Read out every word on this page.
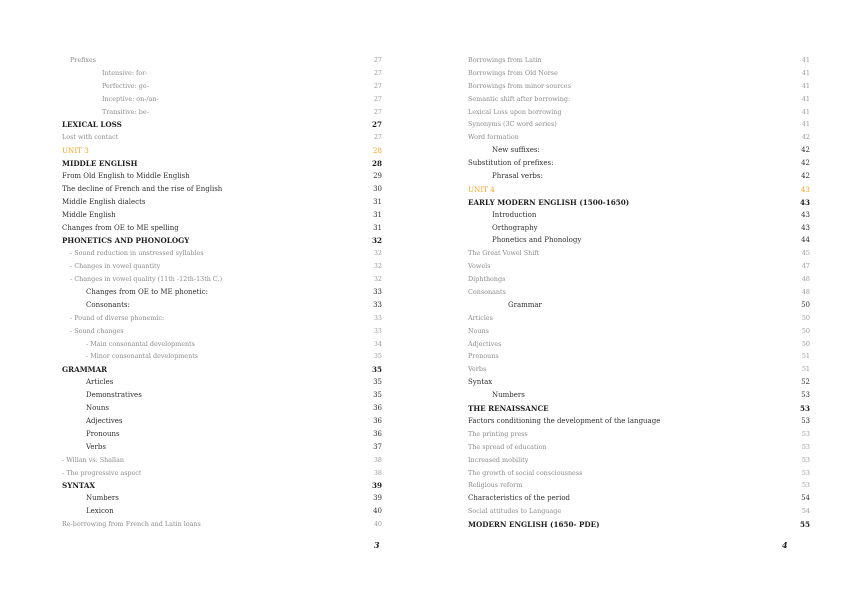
Prefixes	27
Intensive: for-	27
Perfective: ge-	27
Inceptive: on-/an-	27
Transitive: be-	27
LEXICAL LOSS	27
Lost with contact	27
UNIT 3	28
MIDDLE ENGLISH	28
From Old English to Middle English	29
The decline of French and the rise of English	30
Middle English dialects	31
Middle English	31
Changes from OE to ME spelling	31
PHONETICS AND PHONOLOGY	32
- Sound reduction in unstressed syllables	32
- Changes in vowel quantity	32
- Changes in vowel quality (11th -12th-13th C.)	32
Changes from OE to ME phonetic:	33
Consonants:	33
- Pound of diverse phonemic:	33
- Sound changes	33
- Main consonantal developments	34
- Minor consonantal developments	35
GRAMMAR	35
Articles	35
Demonstratives	35
Nouns	36
Adjectives	36
Pronouns	36
Verbs	37
- Willan vs. Shallan	38
- The progressive aspect	38
SYNTAX	39
Numbers	39
Lexicon	40
Re-borrowing from French and Latin loans	40
3
Borrowings from Latin	41
Borrowings from Old Norse	41
Borrowings from minor sources	41
Semantic shift after borrowing:	41
Lexical Loss upon borrowing	41
Synonyms (3C word series)	41
Word formation	42
New suffixes:	42
Substitution of prefixes:	42
Phrasal verbs:	42
UNIT 4	43
EARLY MODERN ENGLISH (1500-1650)	43
Introduction	43
Orthography	43
Phonetics and Phonology	44
The Great Vowel Shift	45
Vowels	47
Diphthongs	48
Consonants	48
Grammar	50
Articles	50
Nouns	50
Adjectives	50
Pronouns	51
Verbs	51
Syntax	52
Numbers	53
THE RENAISSANCE	53
Factors conditioning the development of the language	53
The printing press	53
The spread of education	53
Increased mobility	53
The growth of social consciousness	53
Religious reform	53
Characteristics of the period	54
Social attitudes to Language	54
MODERN ENGLISH (1650- PDE)	55
4
